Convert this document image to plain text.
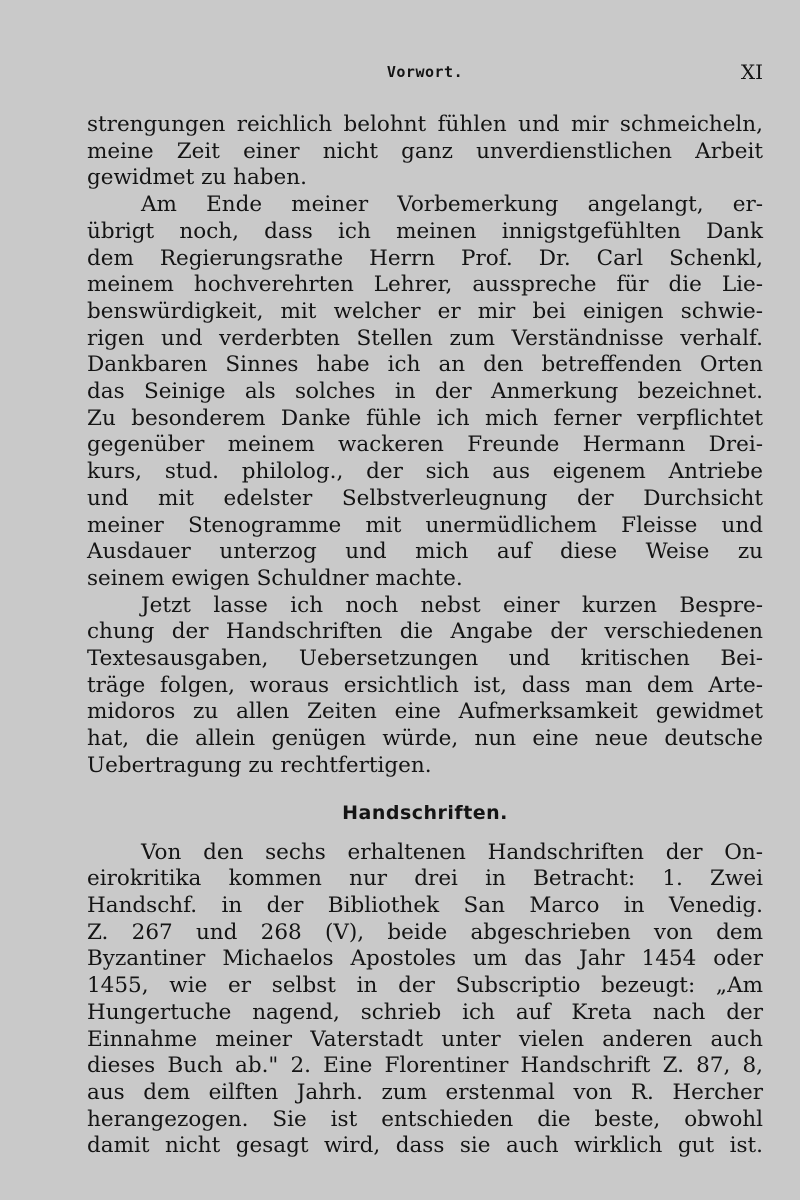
Vorwort.	XI
strengungen reichlich belohnt fühlen und mir schmeicheln,
meine Zeit einer nicht ganz unverdienstlichen Arbeit
gewidmet zu haben.
Am Ende meiner Vorbemerkung angelangt, er-
übrigt noch, dass ich meinen innigstgefühlten Dank
dem Regierungsrathe Herrn Prof. Dr. Carl Schenkl,
meinem hochverehrten Lehrer, ausspreche für die Lie-
benswürdigkeit, mit welcher er mir bei einigen schwie-
rigen und verderbten Stellen zum Verständnisse verhalf.
Dankbaren Sinnes habe ich an den betreffenden Orten
das Seinige als solches in der Anmerkung bezeichnet.
Zu besonderem Danke fühle ich mich ferner verpflichtet
gegenüber meinem wackeren Freunde Hermann Drei-
kurs, stud. philolog., der sich aus eigenem Antriebe
und mit edelster Selbstverleugnung der Durchsicht
meiner Stenogramme mit unermüdlichem Fleisse und
Ausdauer unterzog und mich auf diese Weise zu
seinem ewigen Schuldner machte.
Jetzt lasse ich noch nebst einer kurzen Bespre-
chung der Handschriften die Angabe der verschiedenen
Textesausgaben, Uebersetzungen und kritischen Bei-
träge folgen, woraus ersichtlich ist, dass man dem Arte-
midoros zu allen Zeiten eine Aufmerksamkeit gewidmet
hat, die allein genügen würde, nun eine neue deutsche
Uebertragung zu rechtfertigen.
Handschriften.
Von den sechs erhaltenen Handschriften der On-
eirokritika kommen nur drei in Betracht: 1. Zwei
Handschf. in der Bibliothek San Marco in Venedig.
Z. 267 und 268 (V), beide abgeschrieben von dem
Byzantiner Michaelos Apostoles um das Jahr 1454 oder
1455, wie er selbst in der Subscriptio bezeugt: „Am
Hungertuche nagend, schrieb ich auf Kreta nach der
Einnahme meiner Vaterstadt unter vielen anderen auch
dieses Buch ab." 2. Eine Florentiner Handschrift Z. 87, 8,
aus dem eilften Jahrh. zum erstenmal von R. Hercher
herangezogen. Sie ist entschieden die beste, obwohl
damit nicht gesagt wird, dass sie auch wirklich gut ist.
